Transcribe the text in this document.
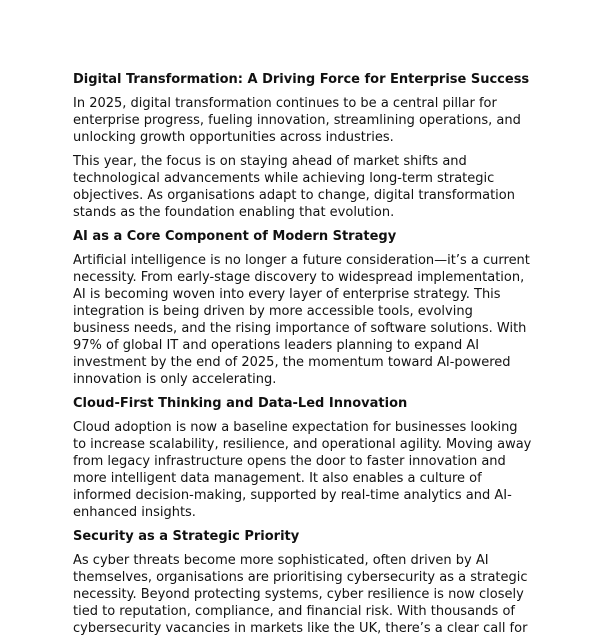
Digital Transformation: A Driving Force for Enterprise Success

In 2025, digital transformation continues to be a central pillar for enterprise progress, fueling innovation, streamlining operations, and unlocking growth opportunities across industries.

This year, the focus is on staying ahead of market shifts and technological advancements while achieving long-term strategic objectives. As organisations adapt to change, digital transformation stands as the foundation enabling that evolution.

AI as a Core Component of Modern Strategy

Artificial intelligence is no longer a future consideration—it’s a current necessity. From early-stage discovery to widespread implementation, AI is becoming woven into every layer of enterprise strategy. This integration is being driven by more accessible tools, evolving business needs, and the rising importance of software solutions. With 97% of global IT and operations leaders planning to expand AI investment by the end of 2025, the momentum toward AI-powered innovation is only accelerating.

Cloud-First Thinking and Data-Led Innovation

Cloud adoption is now a baseline expectation for businesses looking to increase scalability, resilience, and operational agility. Moving away from legacy infrastructure opens the door to faster innovation and more intelligent data management. It also enables a culture of informed decision-making, supported by real-time analytics and AI-enhanced insights.

Security as a Strategic Priority

As cyber threats become more sophisticated, often driven by AI themselves, organisations are prioritising cybersecurity as a strategic necessity. Beyond protecting systems, cyber resilience is now closely tied to reputation, compliance, and financial risk. With thousands of cybersecurity vacancies in markets like the UK, there’s a clear call for
